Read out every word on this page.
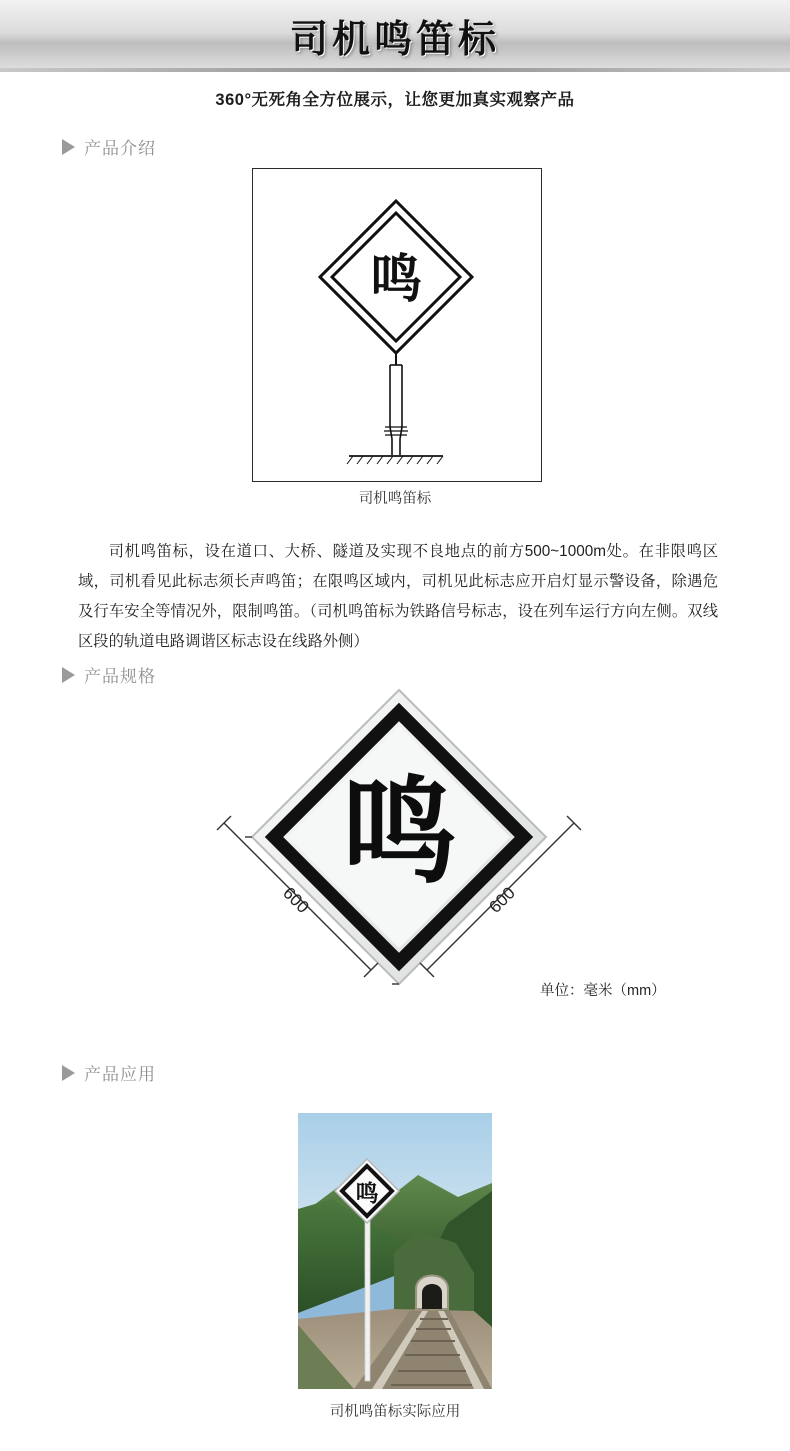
司机鸣笛标
360°无死角全方位展示，让您更加真实观察产品
产品介绍
鸣
司机鸣笛标

司机鸣笛标，设在道口、大桥、隧道及实现不良地点的前方500~1000m处。在非限鸣区域，司机看见此标志须长声鸣笛；在限鸣区域内，司机见此标志应开启灯显示警设备，除遇危及行车安全等情况外，限制鸣笛。（司机鸣笛标为铁路信号标志，设在列车运行方向左侧。双线区段的轨道电路调谐区标志设在线路外侧）

产品规格
鸣
600	600
单位：毫米（mm）
产品应用
鸣
司机鸣笛标实际应用
